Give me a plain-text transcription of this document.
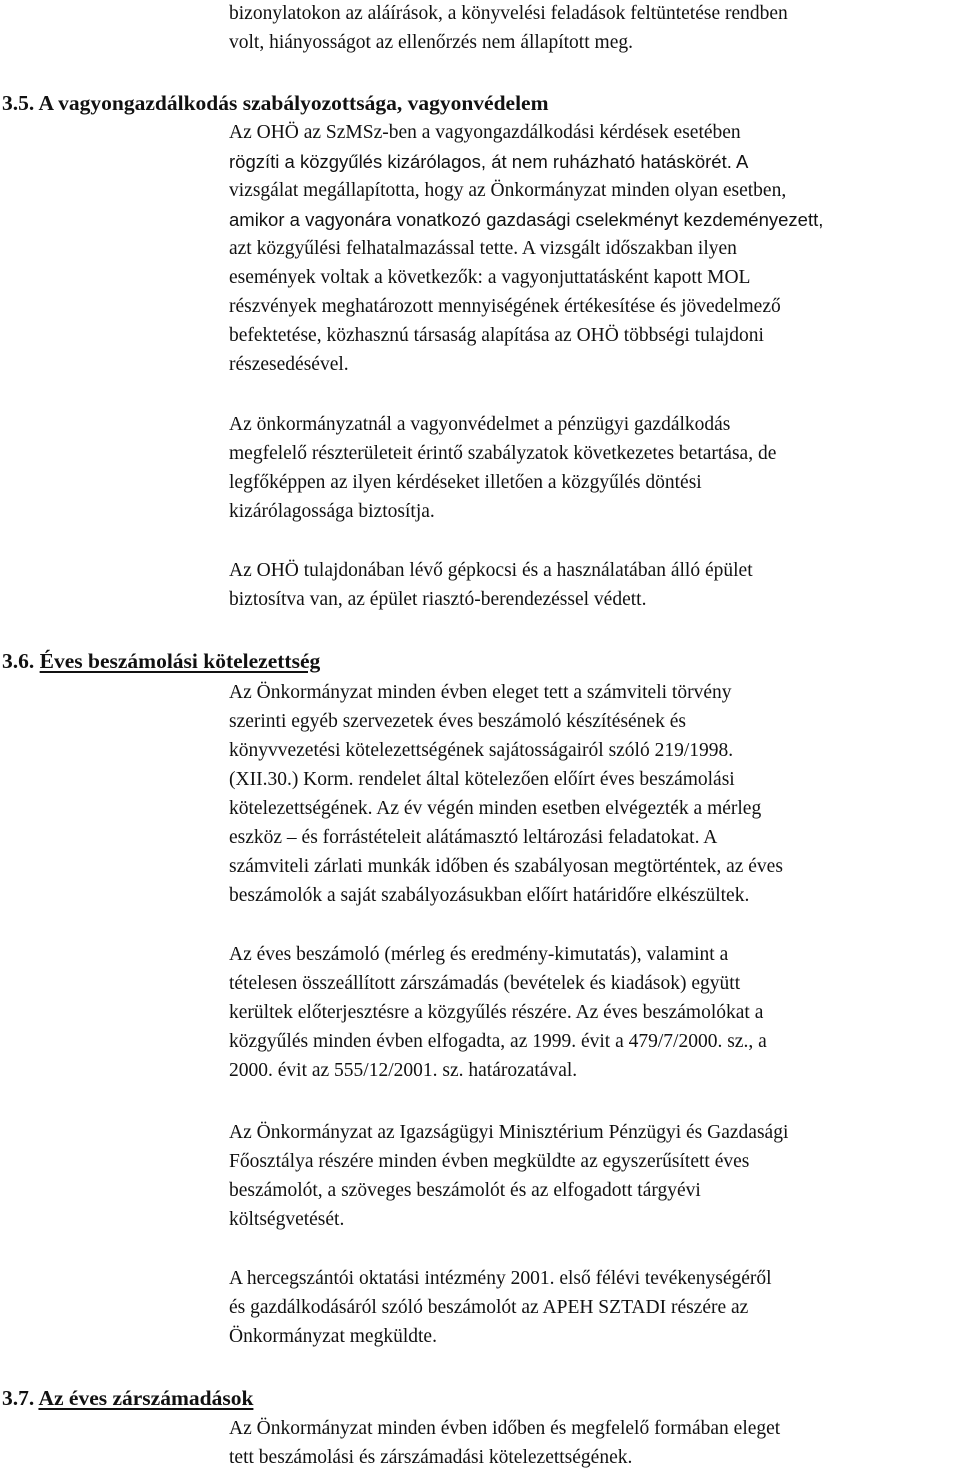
bizonylatokon az aláírások, a könyvelési feladások feltüntetése rendben
volt, hiányosságot az ellenőrzés nem állapított meg.

3.5. A vagyongazdálkodás szabályozottsága, vagyonvédelem

Az OHÖ az SzMSz-ben a vagyongazdálkodási kérdések esetében
rögzíti a közgyűlés kizárólagos, át nem ruházható hatáskörét. A
vizsgálat megállapította, hogy az Önkormányzat minden olyan esetben,
amikor a vagyonára vonatkozó gazdasági cselekményt kezdeményezett,
azt közgyűlési felhatalmazással tette. A vizsgált időszakban ilyen
események voltak a következők: a vagyonjuttatásként kapott MOL
részvények meghatározott mennyiségének értékesítése és jövedelmező
befektetése, közhasznú társaság alapítása az OHÖ többségi tulajdoni
részesedésével.

Az önkormányzatnál a vagyonvédelmet a pénzügyi gazdálkodás
megfelelő részterületeit érintő szabályzatok következetes betartása, de
legfőképpen az ilyen kérdéseket illetően a közgyűlés döntési
kizárólagossága biztosítja.

Az OHÖ tulajdonában lévő gépkocsi és a használatában álló épület
biztosítva van, az épület riasztó-berendezéssel védett.

3.6. Éves beszámolási kötelezettség

Az Önkormányzat minden évben eleget tett a számviteli törvény
szerinti egyéb szervezetek éves beszámoló készítésének és
könyvvezetési kötelezettségének sajátosságairól szóló 219/1998.
(XII.30.) Korm. rendelet által kötelezően előírt éves beszámolási
kötelezettségének. Az év végén minden esetben elvégezték a mérleg
eszköz – és forrástételeit alátámasztó leltározási feladatokat. A
számviteli zárlati munkák időben és szabályosan megtörténtek, az éves
beszámolók a saját szabályozásukban előírt határidőre elkészültek.

Az éves beszámoló (mérleg és eredmény-kimutatás), valamint a
tételesen összeállított zárszámadás (bevételek és kiadások) együtt
kerültek előterjesztésre a közgyűlés részére. Az éves beszámolókat a
közgyűlés minden évben elfogadta, az 1999. évit a 479/7/2000. sz., a
2000. évit az 555/12/2001. sz. határozatával.

Az Önkormányzat az Igazságügyi Minisztérium Pénzügyi és Gazdasági
Főosztálya részére minden évben megküldte az egyszerűsített éves
beszámolót, a szöveges beszámolót és az elfogadott tárgyévi
költségvetését.

A hercegszántói oktatási intézmény 2001. első félévi tevékenységéről
és gazdálkodásáról szóló beszámolót az APEH SZTADI részére az
Önkormányzat megküldte.

3.7. Az éves zárszámadások

Az Önkormányzat minden évben időben és megfelelő formában eleget
tett beszámolási és zárszámadási kötelezettségének.
